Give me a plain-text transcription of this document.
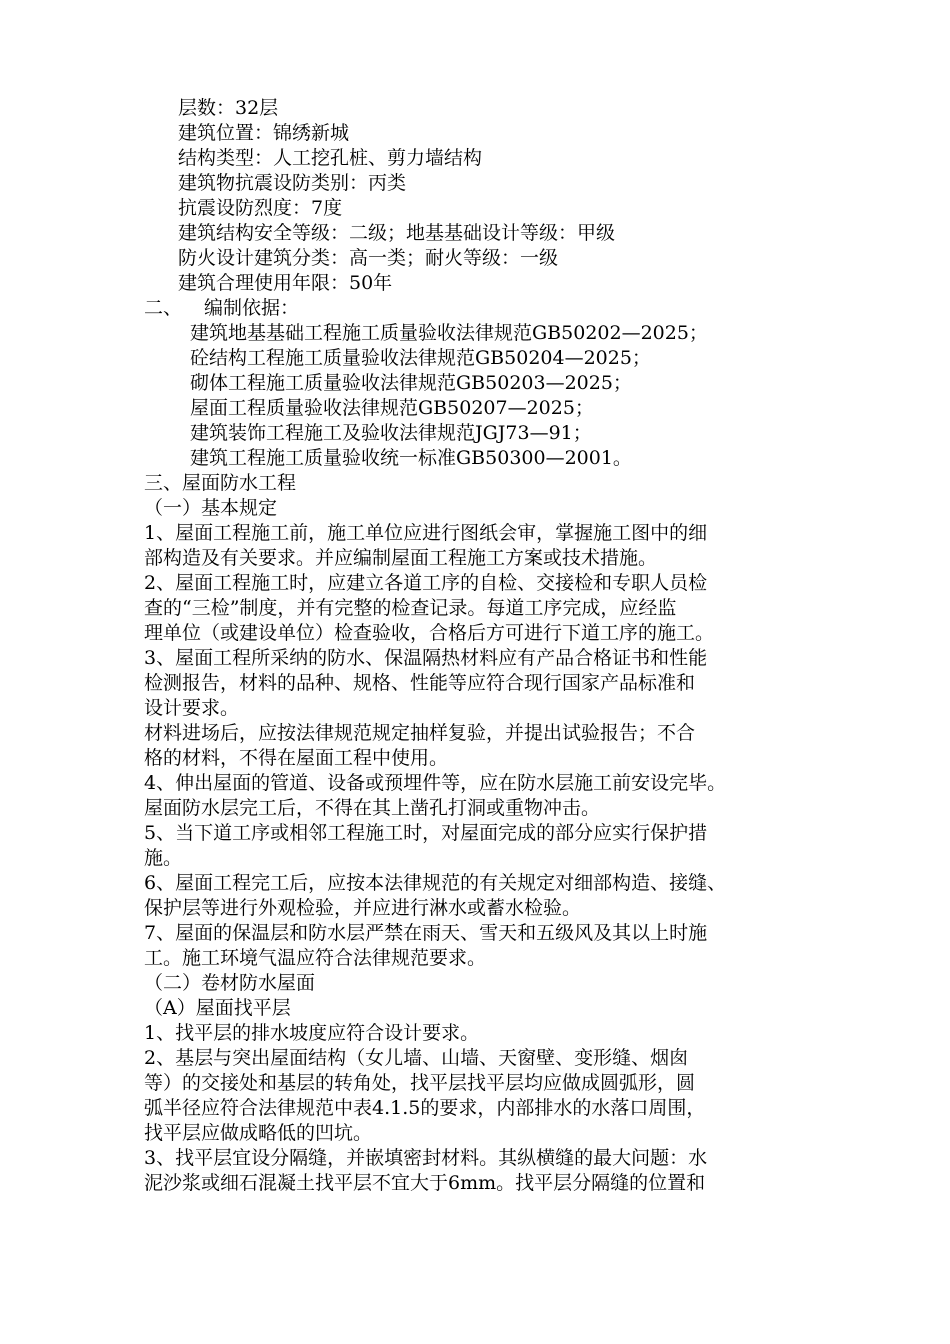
层数：32层
建筑位置：锦绣新城
结构类型：人工挖孔桩、剪力墙结构
建筑物抗震设防类别：丙类
抗震设防烈度：7度
建筑结构安全等级：二级；地基基础设计等级：甲级
防火设计建筑分类：高一类；耐火等级：一级
建筑合理使用年限：50年
二、 编制依据：
建筑地基基础工程施工质量验收法律规范GB50202—2025；
砼结构工程施工质量验收法律规范GB50204—2025；
砌体工程施工质量验收法律规范GB50203—2025；
屋面工程质量验收法律规范GB50207—2025；
建筑装饰工程施工及验收法律规范JGJ73—91；
建筑工程施工质量验收统一标准GB50300—2001。
三、屋面防水工程
（一）基本规定
1、屋面工程施工前，施工单位应进行图纸会审，掌握施工图中的细
部构造及有关要求。并应编制屋面工程施工方案或技术措施。
2、屋面工程施工时，应建立各道工序的自检、交接检和专职人员检
查的“三检”制度，并有完整的检查记录。每道工序完成，应经监
理单位（或建设单位）检查验收，合格后方可进行下道工序的施工。
3、屋面工程所采纳的防水、保温隔热材料应有产品合格证书和性能
检测报告，材料的品种、规格、性能等应符合现行国家产品标准和
设计要求。
材料进场后，应按法律规范规定抽样复验，并提出试验报告；不合
格的材料，不得在屋面工程中使用。
4、伸出屋面的管道、设备或预埋件等，应在防水层施工前安设完毕。
屋面防水层完工后，不得在其上凿孔打洞或重物冲击。
5、当下道工序或相邻工程施工时，对屋面完成的部分应实行保护措
施。
6、屋面工程完工后，应按本法律规范的有关规定对细部构造、接缝、
保护层等进行外观检验，并应进行淋水或蓄水检验。
7、屋面的保温层和防水层严禁在雨天、雪天和五级风及其以上时施
工。施工环境气温应符合法律规范要求。
（二）卷材防水屋面
（A）屋面找平层
1、找平层的排水坡度应符合设计要求。
2、基层与突出屋面结构（女儿墙、山墙、天窗壁、变形缝、烟囱
等）的交接处和基层的转角处，找平层找平层均应做成圆弧形，圆
弧半径应符合法律规范中表4.1.5的要求，内部排水的水落口周围，
找平层应做成略低的凹坑。
3、找平层宜设分隔缝，并嵌填密封材料。其纵横缝的最大问题：水
泥沙浆或细石混凝土找平层不宜大于6mm。找平层分隔缝的位置和
